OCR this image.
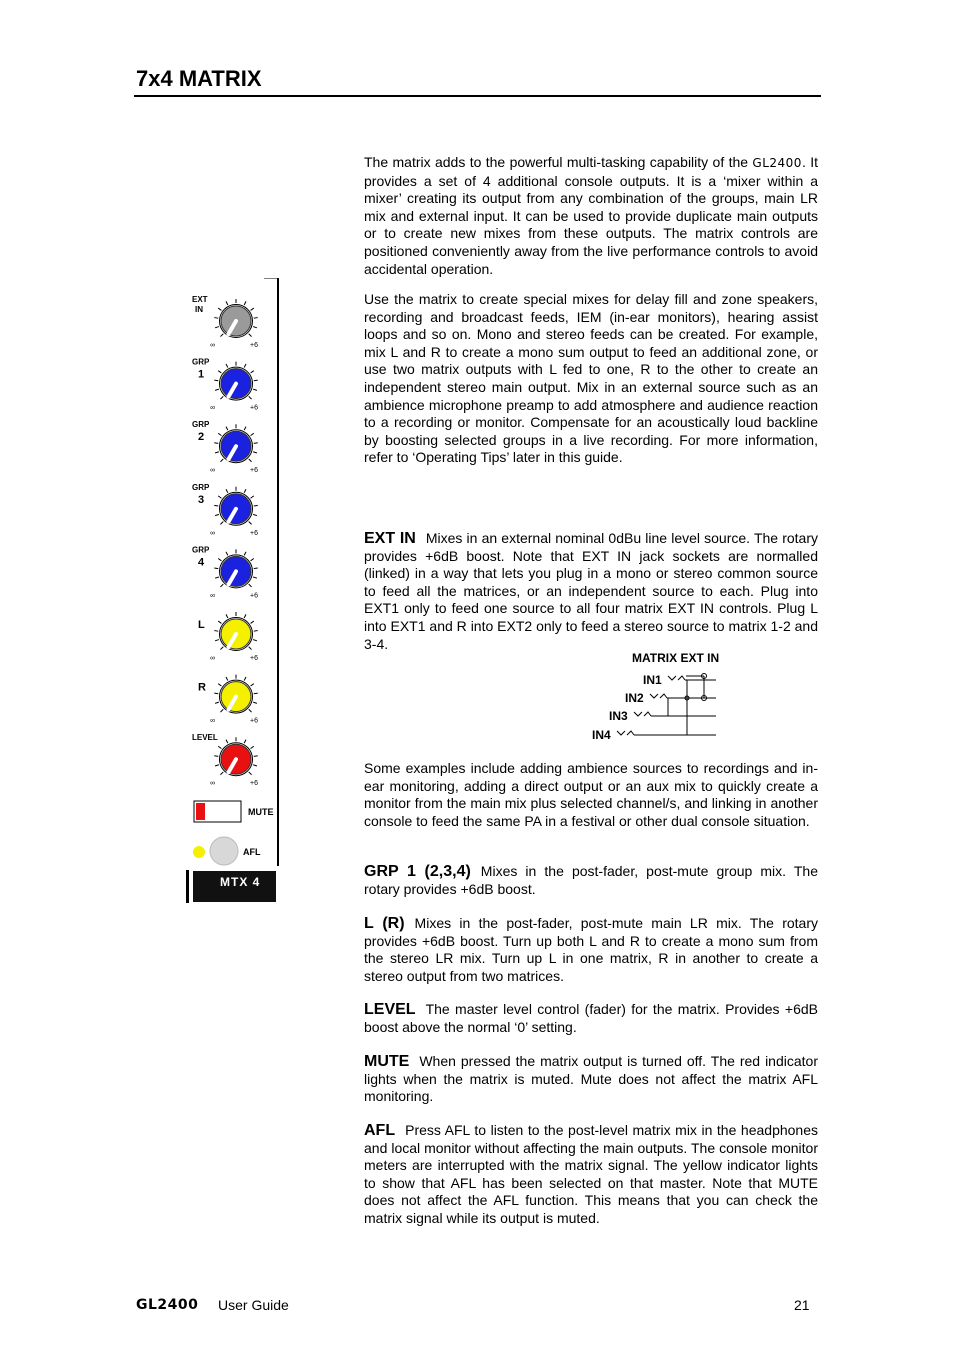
7x4 MATRIX

The matrix adds to the powerful multi-tasking capability of the GL2400. It provides a set of 4 additional console outputs. It is a ‘mixer within a mixer’ creating its output from any combination of the groups, main LR mix and external input. It can be used to provide duplicate main outputs or to create new mixes from these outputs. The matrix controls are positioned conveniently away from the live performance controls to avoid accidental operation.

Use the matrix to create special mixes for delay fill and zone speakers, recording and broadcast feeds, IEM (in-ear monitors), hearing assist loops and so on. Mono and stereo feeds can be created. For example, mix L and R to create a mono sum output to feed an additional zone, or use two matrix outputs with L fed to one, R to the other to create an independent stereo main output. Mix in an external source such as an ambience microphone preamp to add atmosphere and audience reaction to a recording or monitor. Compensate for an acoustically loud backline by boosting selected groups in a live recording. For more information, refer to ‘Operating Tips’ later in this guide.

EXT IN Mixes in an external nominal 0dBu line level source. The rotary provides +6dB boost. Note that EXT IN jack sockets are normalled (linked) in a way that lets you plug in a mono or stereo common source to feed all the matrices, or an independent source to each. Plug into EXT1 only to feed one source to all four matrix EXT IN controls. Plug L into EXT1 and R into EXT2 only to feed a stereo source to matrix 1-2 and 3-4.

MATRIX EXT IN
IN1
IN2
IN3
IN4

Some examples include adding ambience sources to recordings and in-ear monitoring, adding a direct output or an aux mix to quickly create a monitor from the main mix plus selected channel/s, and linking in another console to feed the same PA in a festival or other dual console situation.

GRP 1 (2,3,4) Mixes in the post-fader, post-mute group mix. The rotary provides +6dB boost.

L (R) Mixes in the post-fader, post-mute main LR mix. The rotary provides +6dB boost. Turn up both L and R to create a mono sum from the stereo LR mix. Turn up L in one matrix, R in another to create a stereo output from two matrices.

LEVEL The master level control (fader) for the matrix. Provides +6dB boost above the normal ‘0’ setting.

MUTE When pressed the matrix output is turned off. The red indicator lights when the matrix is muted. Mute does not affect the matrix AFL monitoring.

AFL Press AFL to listen to the post-level matrix mix in the headphones and local monitor without affecting the main outputs. The console monitor meters are interrupted with the matrix signal. The yellow indicator lights to show that AFL has been selected on that master. Note that MUTE does not affect the AFL function. This means that you can check the matrix signal while its output is muted.

EXT
IN
∞	+6
GRP
1
∞	+6
GRP
2
∞	+6
GRP
3
∞	+6
GRP
4
∞	+6
L
∞	+6
R
∞	+6
LEVEL
∞	+6
MUTE
AFL
MTX 4
GL2400 User Guide	21
